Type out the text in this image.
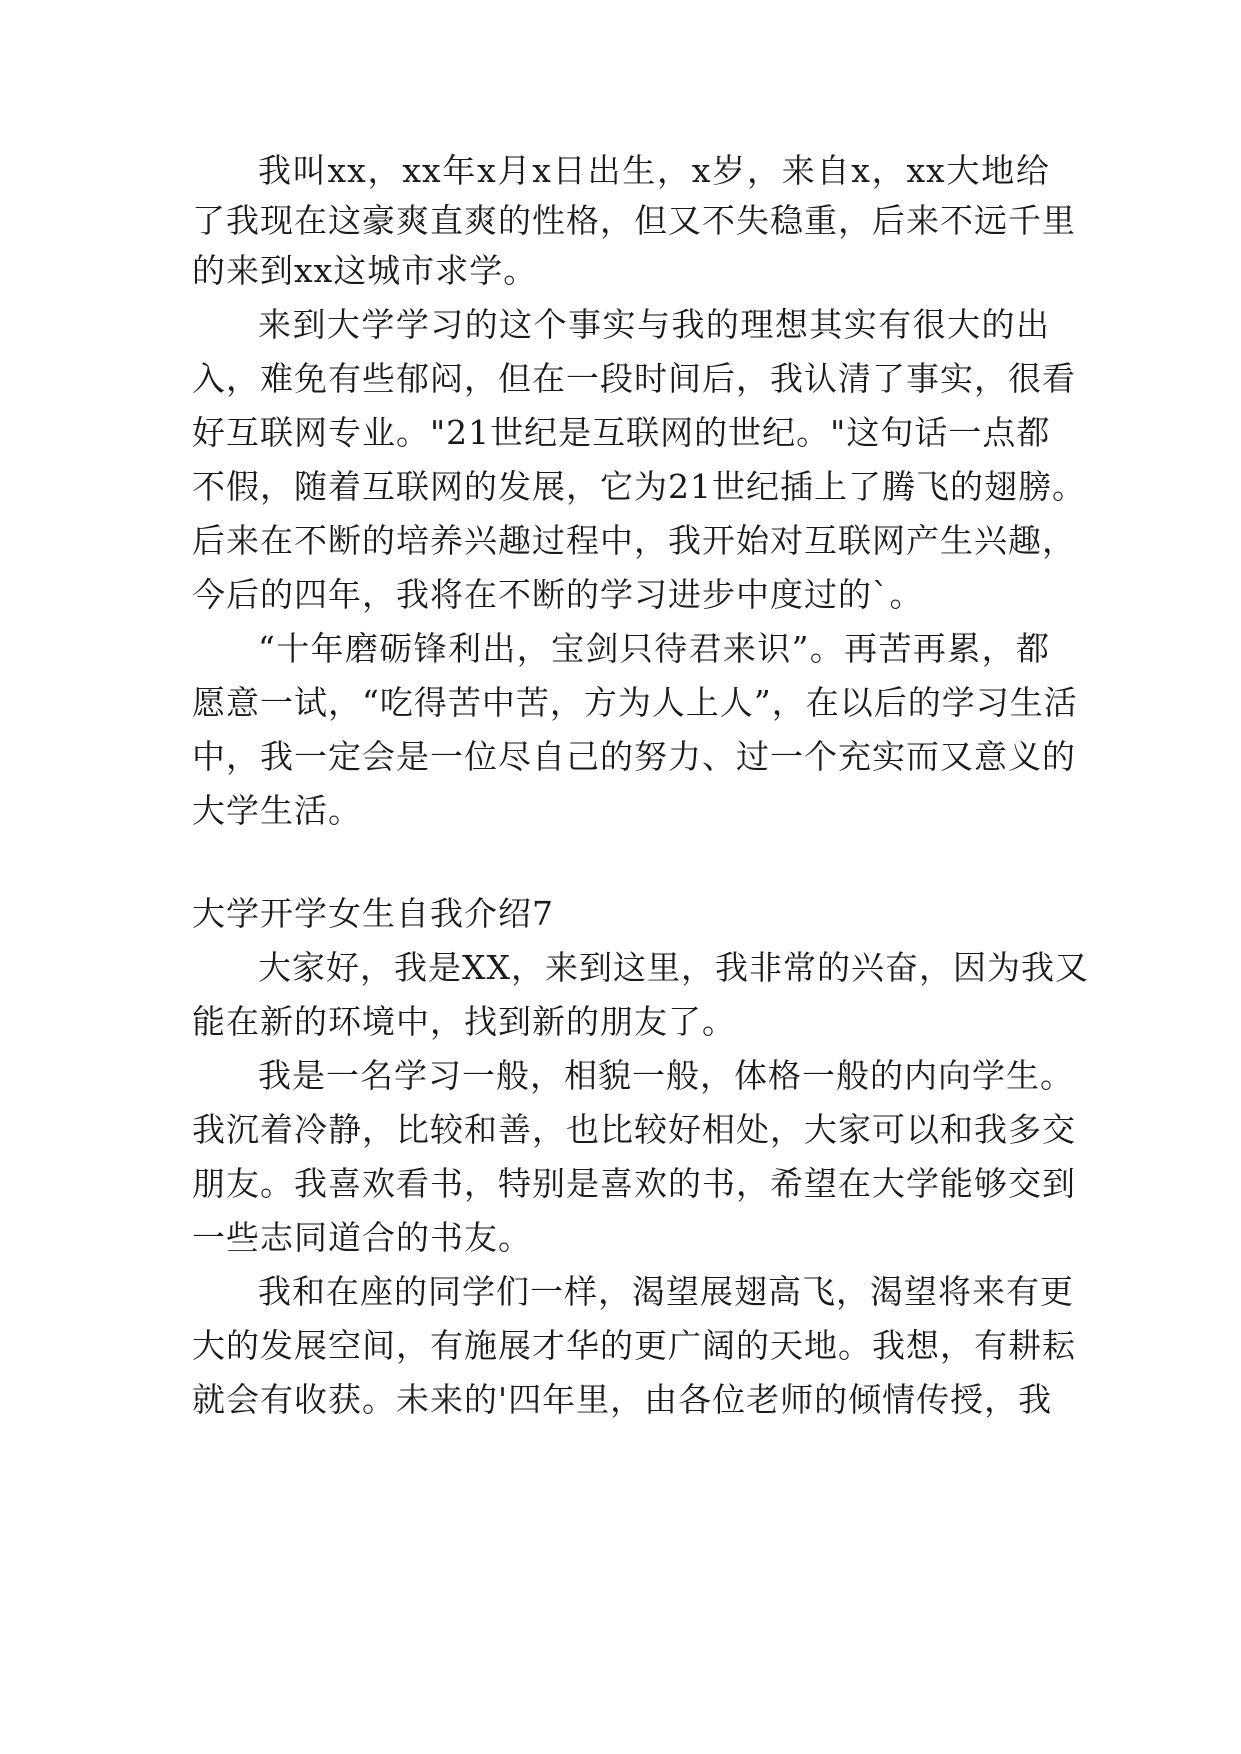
我叫xx，xx年x月x日出生，x岁，来自x，xx大地给
了我现在这豪爽直爽的性格，但又不失稳重，后来不远千里
的来到xx这城市求学。
来到大学学习的这个事实与我的理想其实有很大的出
入，难免有些郁闷，但在一段时间后，我认清了事实，很看
好互联网专业。"21世纪是互联网的世纪。"这句话一点都
不假，随着互联网的发展，它为21世纪插上了腾飞的翅膀。
后来在不断的培养兴趣过程中，我开始对互联网产生兴趣，
今后的四年，我将在不断的学习进步中度过的`。
“十年磨砺锋利出，宝剑只待君来识”。再苦再累，都
愿意一试，“吃得苦中苦，方为人上人”，在以后的学习生活
中，我一定会是一位尽自己的努力、过一个充实而又意义的
大学生活。
大学开学女生自我介绍7
大家好，我是XX，来到这里，我非常的兴奋，因为我又
能在新的环境中，找到新的朋友了。
我是一名学习一般，相貌一般，体格一般的内向学生。
我沉着冷静，比较和善，也比较好相处，大家可以和我多交
朋友。我喜欢看书，特别是喜欢的书，希望在大学能够交到
一些志同道合的书友。
我和在座的同学们一样，渴望展翅高飞，渴望将来有更
大的发展空间，有施展才华的更广阔的天地。我想，有耕耘
就会有收获。未来的'四年里，由各位老师的倾情传授，我
